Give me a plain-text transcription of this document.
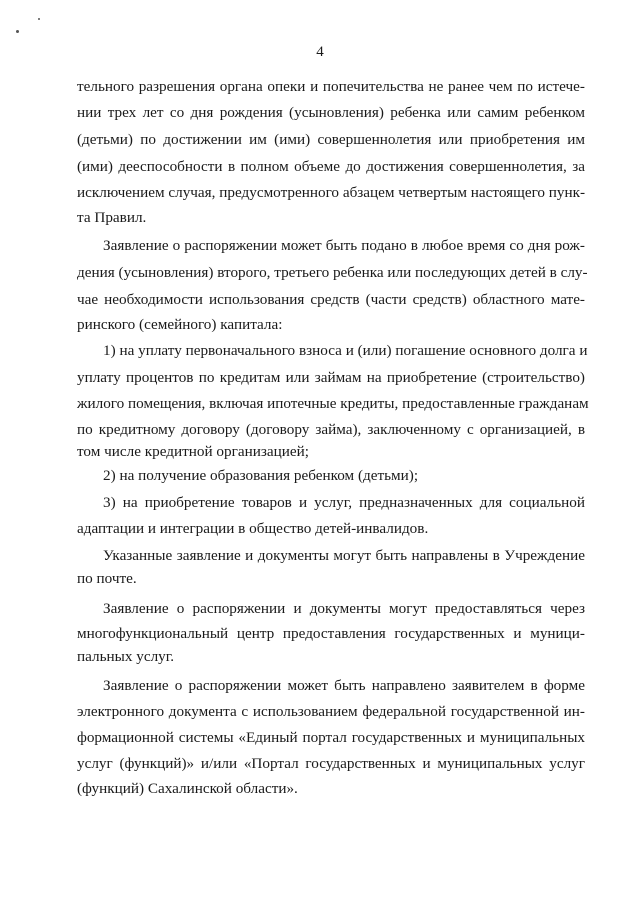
4
тельного разрешения органа опеки и попечительства не ранее чем по истече-
нии трех лет со дня рождения (усыновления) ребенка или самим ребенком
(детьми) по достижении им (ими) совершеннолетия или приобретения им
(ими) дееспособности в полном объеме до достижения совершеннолетия, за
исключением случая, предусмотренного абзацем четвертым настоящего пунк-
та Правил.
Заявление о распоряжении может быть подано в любое время со дня рож-
дения (усыновления) второго, третьего ребенка или последующих детей в слу-
чае необходимости использования средств (части средств) областного мате-
ринского (семейного) капитала:
1) на уплату первоначального взноса и (или) погашение основного долга и
уплату процентов по кредитам или займам на приобретение (строительство)
жилого помещения, включая ипотечные кредиты, предоставленные гражданам
по кредитному договору (договору займа), заключенному с организацией, в
том числе кредитной организацией;
2) на получение образования ребенком (детьми);
3) на приобретение товаров и услуг, предназначенных для социальной
адаптации и интеграции в общество детей-инвалидов.
Указанные заявление и документы могут быть направлены в Учреждение
по почте.
Заявление о распоряжении и документы могут предоставляться через
многофункциональный центр предоставления государственных и муници-
пальных услуг.
Заявление о распоряжении может быть направлено заявителем в форме
электронного документа с использованием федеральной государственной ин-
формационной системы «Единый портал государственных и муниципальных
услуг (функций)» и/или «Портал государственных и муниципальных услуг
(функций) Сахалинской области».
